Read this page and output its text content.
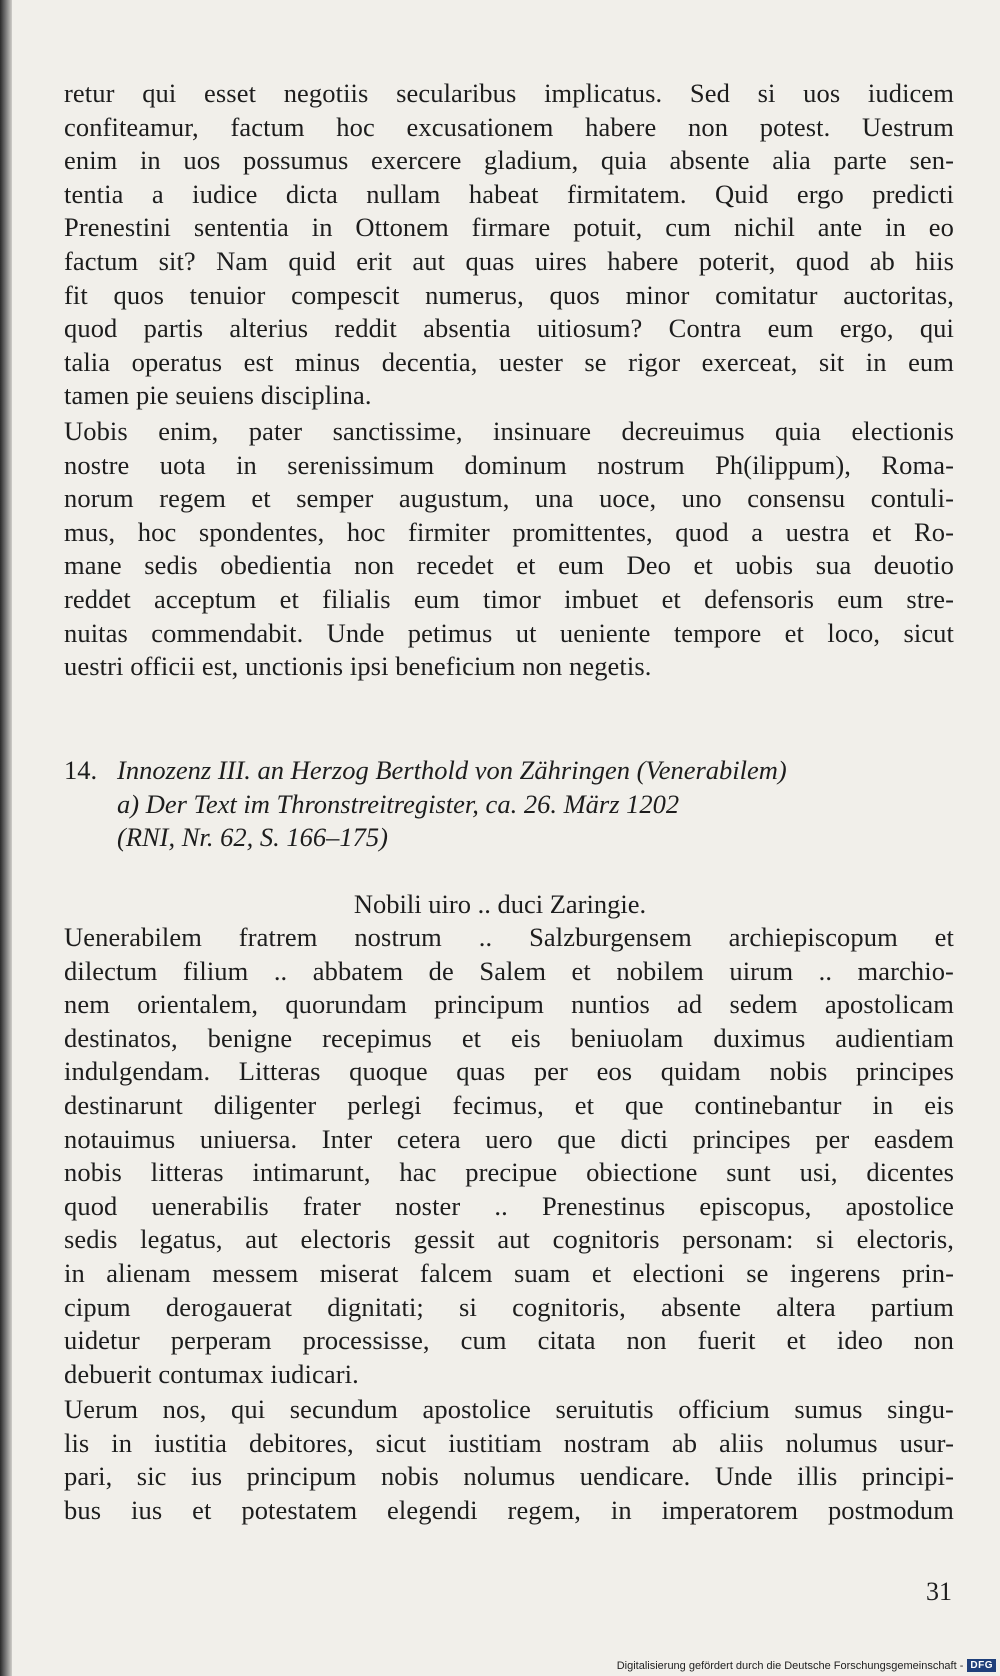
retur qui esset negotiis secularibus implicatus. Sed si uos iudicem
confiteamur, factum hoc excusationem habere non potest. Uestrum
enim in uos possumus exercere gladium, quia absente alia parte sen-
tentia a iudice dicta nullam habeat firmitatem. Quid ergo predicti
Prenestini sententia in Ottonem firmare potuit, cum nichil ante in eo
factum sit? Nam quid erit aut quas uires habere poterit, quod ab hiis
fit quos tenuior compescit numerus, quos minor comitatur auctoritas,
quod partis alterius reddit absentia uitiosum? Contra eum ergo, qui
talia operatus est minus decentia, uester se rigor exerceat, sit in eum
tamen pie seuiens disciplina.
Uobis enim, pater sanctissime, insinuare decreuimus quia electionis
nostre uota in serenissimum dominum nostrum Ph(ilippum), Roma-
norum regem et semper augustum, una uoce, uno consensu contuli-
mus, hoc spondentes, hoc firmiter promittentes, quod a uestra et Ro-
mane sedis obedientia non recedet et eum Deo et uobis sua deuotio
reddet acceptum et filialis eum timor imbuet et defensoris eum stre-
nuitas commendabit. Unde petimus ut ueniente tempore et loco, sicut
uestri officii est, unctionis ipsi beneficium non negetis.
14. Innozenz III. an Herzog Berthold von Zähringen (Venerabilem)
a) Der Text im Thronstreitregister, ca. 26. März 1202
(RNI, Nr. 62, S. 166–175)
Nobili uiro .. duci Zaringie.
Uenerabilem fratrem nostrum .. Salzburgensem archiepiscopum et
dilectum filium .. abbatem de Salem et nobilem uirum .. marchio-
nem orientalem, quorundam principum nuntios ad sedem apostolicam
destinatos, benigne recepimus et eis beniuolam duximus audientiam
indulgendam. Litteras quoque quas per eos quidam nobis principes
destinarunt diligenter perlegi fecimus, et que continebantur in eis
notauimus uniuersa. Inter cetera uero que dicti principes per easdem
nobis litteras intimarunt, hac precipue obiectione sunt usi, dicentes
quod uenerabilis frater noster .. Prenestinus episcopus, apostolice
sedis legatus, aut electoris gessit aut cognitoris personam: si electoris,
in alienam messem miserat falcem suam et electioni se ingerens prin-
cipum derogauerat dignitati; si cognitoris, absente altera partium
uidetur perperam processisse, cum citata non fuerit et ideo non
debuerit contumax iudicari.
Uerum nos, qui secundum apostolice seruitutis officium sumus singu-
lis in iustitia debitores, sicut iustitiam nostram ab aliis nolumus usur-
pari, sic ius principum nobis nolumus uendicare. Unde illis principi-
bus ius et potestatem elegendi regem, in imperatorem postmodum
31
Digitalisierung gefördert durch die Deutsche Forschungsgemeinschaft - DFG
